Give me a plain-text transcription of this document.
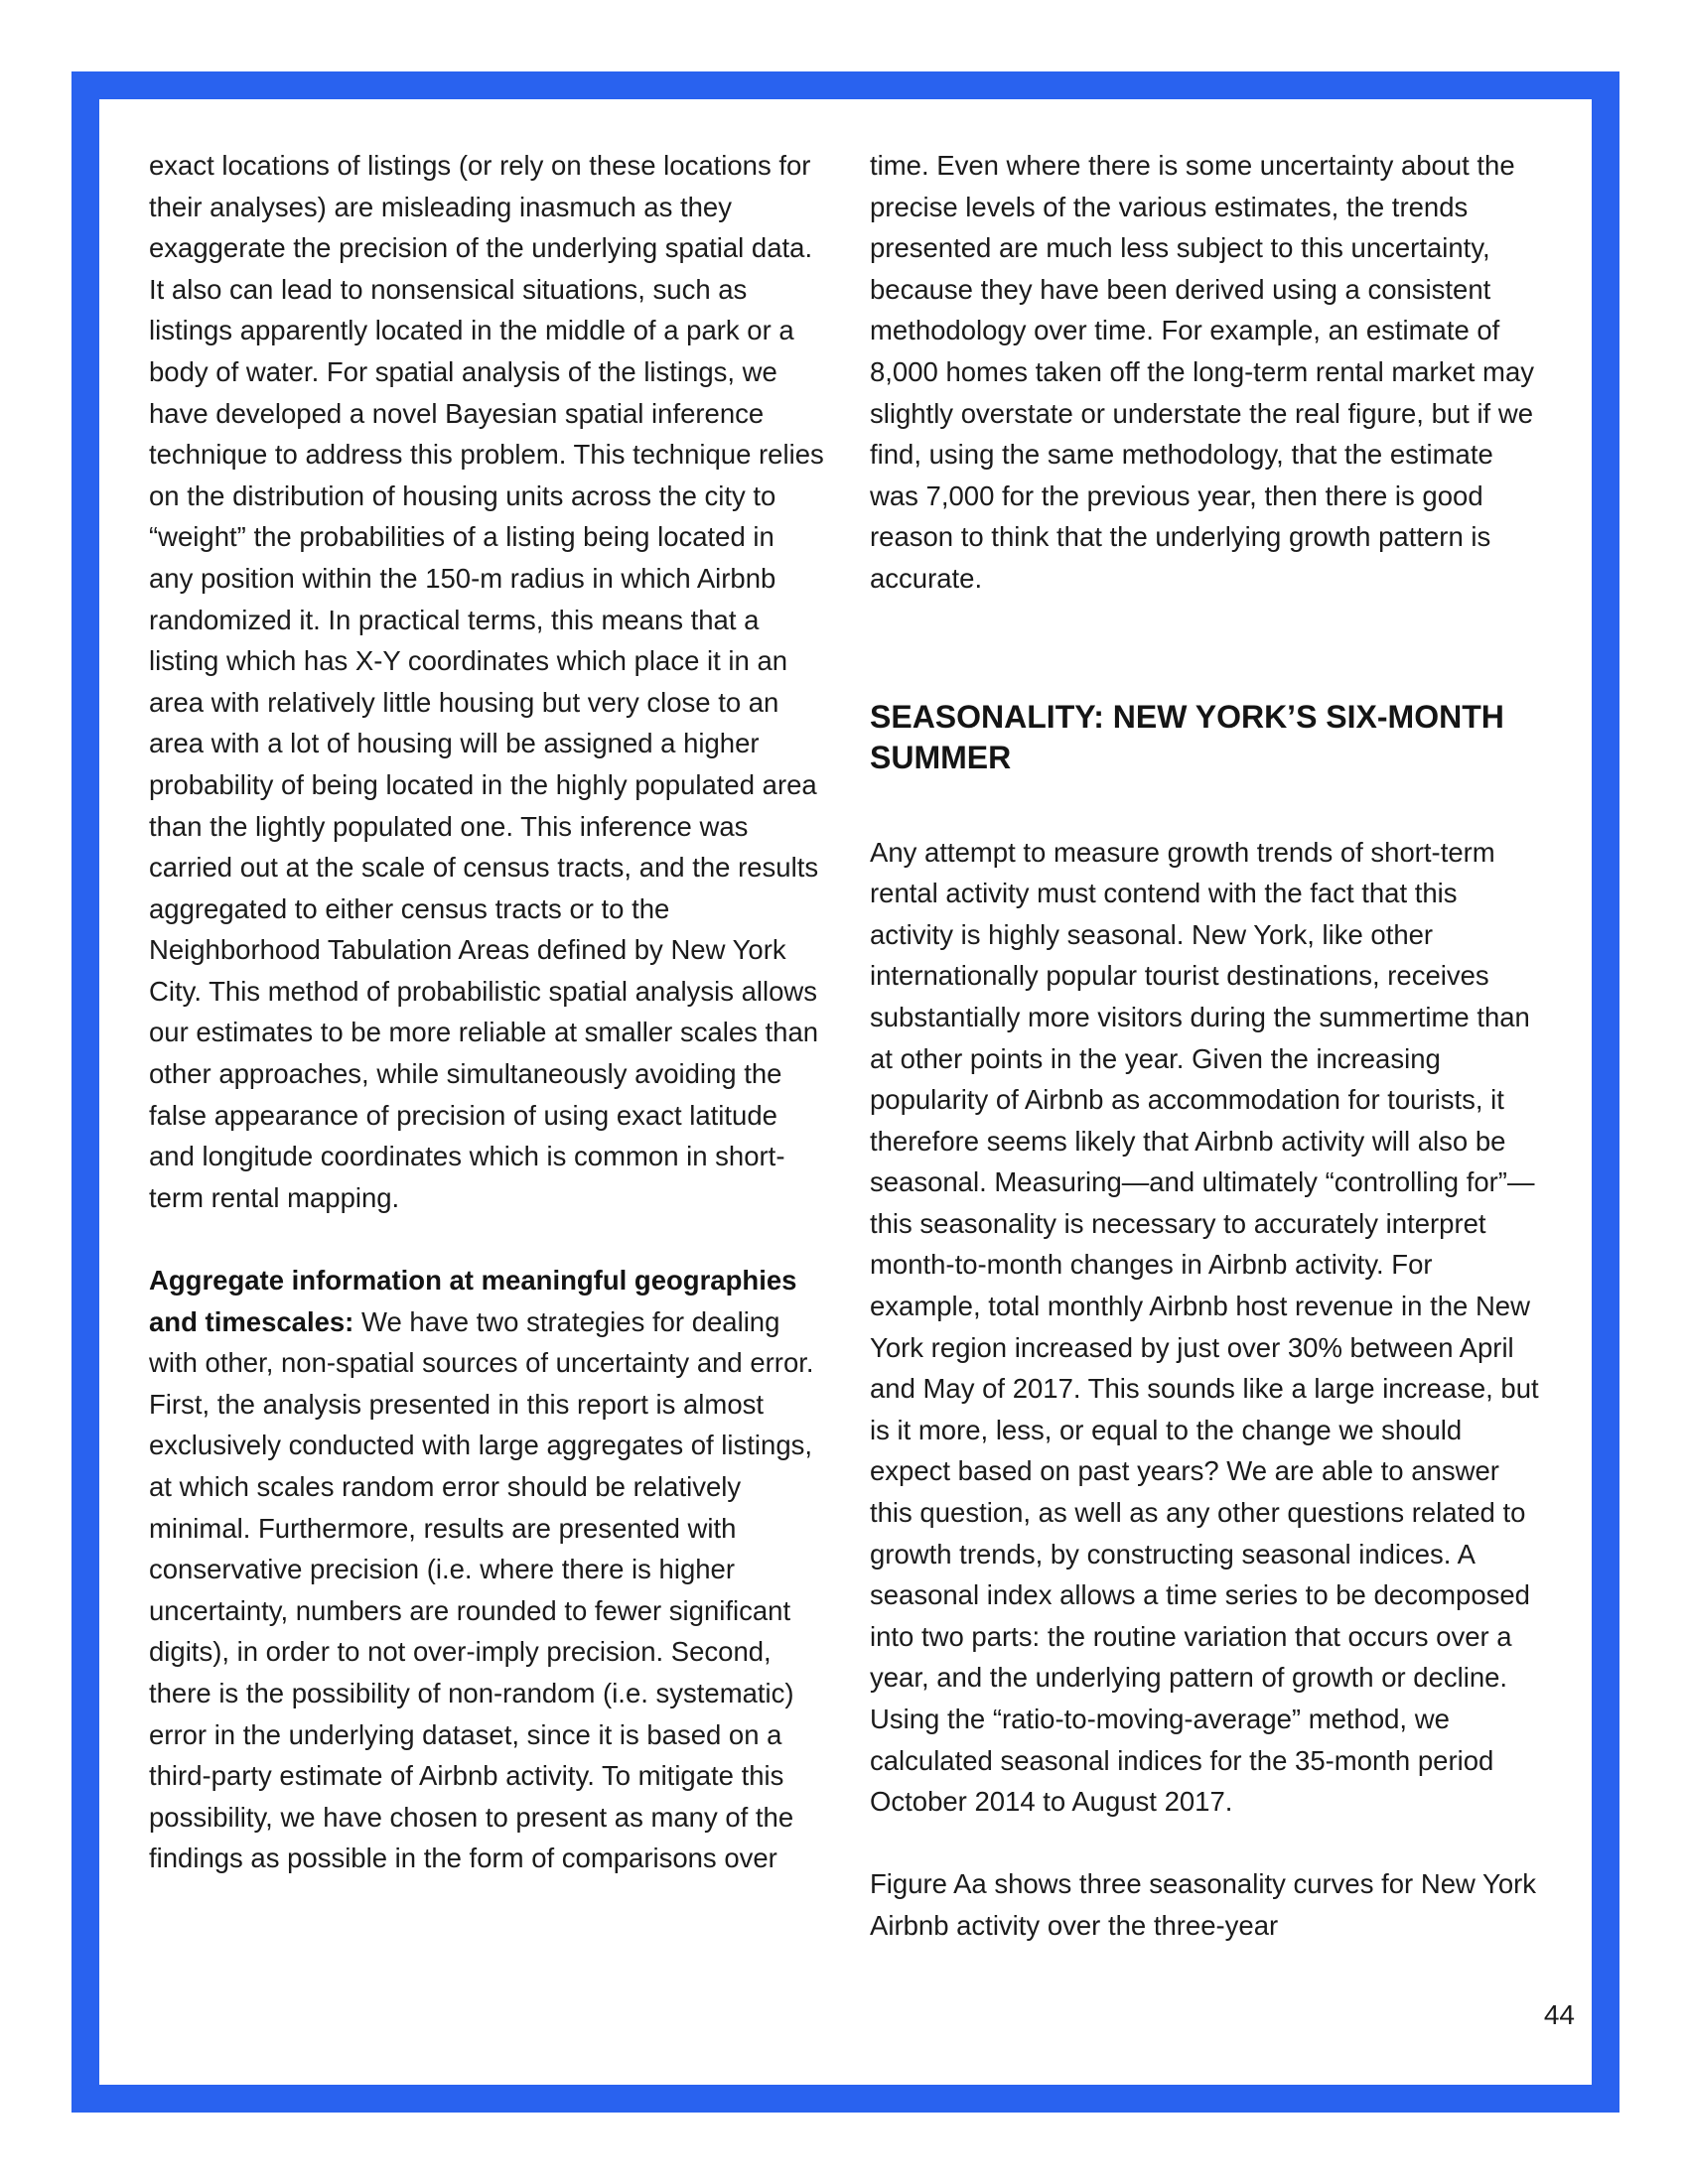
exact locations of listings (or rely on these locations for their analyses) are misleading inasmuch as they exaggerate the precision of the underlying spatial data. It also can lead to nonsensical situations, such as listings apparently located in the middle of a park or a body of water. For spatial analysis of the listings, we have developed a novel Bayesian spatial inference technique to address this problem. This technique relies on the distribution of housing units across the city to “weight” the probabilities of a listing being located in any position within the 150-m radius in which Airbnb randomized it. In practical terms, this means that a listing which has X-Y coordinates which place it in an area with relatively little housing but very close to an area with a lot of housing will be assigned a higher probability of being located in the highly populated area than the lightly populated one. This inference was carried out at the scale of census tracts, and the results aggregated to either census tracts or to the Neighborhood Tabulation Areas defined by New York City. This method of probabilistic spatial analysis allows our estimates to be more reliable at smaller scales than other approaches, while simultaneously avoiding the false appearance of precision of using exact latitude and longitude coordinates which is common in short-term rental mapping.

Aggregate information at meaningful geographies and timescales: We have two strategies for dealing with other, non-spatial sources of uncertainty and error. First, the analysis presented in this report is almost exclusively conducted with large aggregates of listings, at which scales random error should be relatively minimal. Furthermore, results are presented with conservative precision (i.e. where there is higher uncertainty, numbers are rounded to fewer significant digits), in order to not over-imply precision. Second, there is the possibility of non-random (i.e. systematic) error in the underlying dataset, since it is based on a third-party estimate of Airbnb activity. To mitigate this possibility, we have chosen to present as many of the findings as possible in the form of comparisons over

time. Even where there is some uncertainty about the precise levels of the various estimates, the trends presented are much less subject to this uncertainty, because they have been derived using a consistent methodology over time. For example, an estimate of 8,000 homes taken off the long-term rental market may slightly overstate or understate the real figure, but if we find, using the same methodology, that the estimate was 7,000 for the previous year, then there is good reason to think that the underlying growth pattern is accurate.

SEASONALITY: NEW YORK’S SIX-MONTH SUMMER

Any attempt to measure growth trends of short-term rental activity must contend with the fact that this activity is highly seasonal. New York, like other internationally popular tourist destinations, receives substantially more visitors during the summertime than at other points in the year. Given the increasing popularity of Airbnb as accommodation for tourists, it therefore seems likely that Airbnb activity will also be seasonal. Measuring—and ultimately “controlling for”—this seasonality is necessary to accurately interpret month-to-month changes in Airbnb activity. For example, total monthly Airbnb host revenue in the New York region increased by just over 30% between April and May of 2017. This sounds like a large increase, but is it more, less, or equal to the change we should expect based on past years? We are able to answer this question, as well as any other questions related to growth trends, by constructing seasonal indices. A seasonal index allows a time series to be decomposed into two parts: the routine variation that occurs over a year, and the underlying pattern of growth or decline. Using the “ratio-to-moving-average” method, we calculated seasonal indices for the 35-month period October 2014 to August 2017.

Figure Aa shows three seasonality curves for New York Airbnb activity over the three-year

44
